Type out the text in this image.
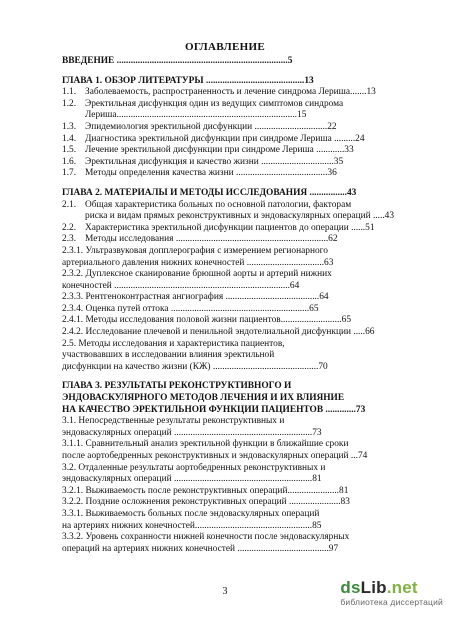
ОГЛАВЛЕНИЕ
ВВЕДЕНИЕ .........................................................................5
ГЛАВА 1. ОБЗОР ЛИТЕРАТУРЫ ..........................................13
1.1. Заболеваемость, распространенность и лечение синдрома Лериша.......13
1.2. Эректильная дисфункция один из ведущих симптомов синдрома
Лериша.............................................................................15
1.3. Эпидемиология эректильной дисфункции ...............................22
1.4. Диагностика эректильной дисфункции при синдроме Лериша .........24
1.5. Лечение эректильной дисфункции при синдроме Лериша ............33
1.6. Эректильная дисфункция и качество жизни ...............................35
1.7. Методы определения качества жизни .......................................36
ГЛАВА 2. МАТЕРИАЛЫ И МЕТОДЫ ИССЛЕДОВАНИЯ ................43
2.1. Общая характеристика больных по основной патологии, факторам
риска и видам прямых реконструктивных и эндоваскулярных операций .....43
2.2. Характеристика эректильной дисфункции пациентов до операции ......51
2.3. Методы исследования .................................................................62
2.3.1. Ультразвуковая допплерография с измерением регионарного
артериального давления нижних конечностей .................................63
2.3.2. Дуплексное сканирование брюшной аорты и артерий нижних
конечностей ...........................................................................64
2.3.3. Рентгеноконтрастная ангиография ........................................64
2.3.4. Оценка путей оттока ...........................................................65
2.4.1. Методы исследования половой жизни пациентов..........................65
2.4.2. Исследование плечевой и пенильной эндотелиальной дисфункции .....66
2.5. Методы исследования и характеристика пациентов,
участвовавших в исследовании влияния эректильной
дисфункции на качество жизни (КЖ) .............................................70
ГЛАВА 3. РЕЗУЛЬТАТЫ РЕКОНСТРУКТИВНОГО И
ЭНДОВАСКУЛЯРНОГО МЕТОДОВ ЛЕЧЕНИЯ И ИХ ВЛИЯНИЕ
НА КАЧЕСТВО ЭРЕКТИЛЬНОЙ ФУНКЦИИ ПАЦИЕНТОВ .............73
3.1. Непосредственные результаты реконструктивных и
эндоваскулярных операций ...........................................................73
3.1.1. Сравнительный анализ эректильной функции в ближайшие сроки
после аортобедренных реконструктивных и эндоваскулярных операций ...74
3.2. Отдаленные результаты аортобедренных реконструктивных и
эндоваскулярных операций ...........................................................81
3.2.1. Выживаемость после реконструктивных операций......................81
3.2.2. Поздние осложнения реконструктивных операций ......................83
3.3.1. Выживаемость больных после эндоваскулярных операций
на артериях нижних конечностей..................................................85
3.3.2. Уровень сохранности нижней конечности после эндоваскулярных
операций на артериях нижних конечностей .......................................97
3	dsLib.net
библиотека диссертаций
